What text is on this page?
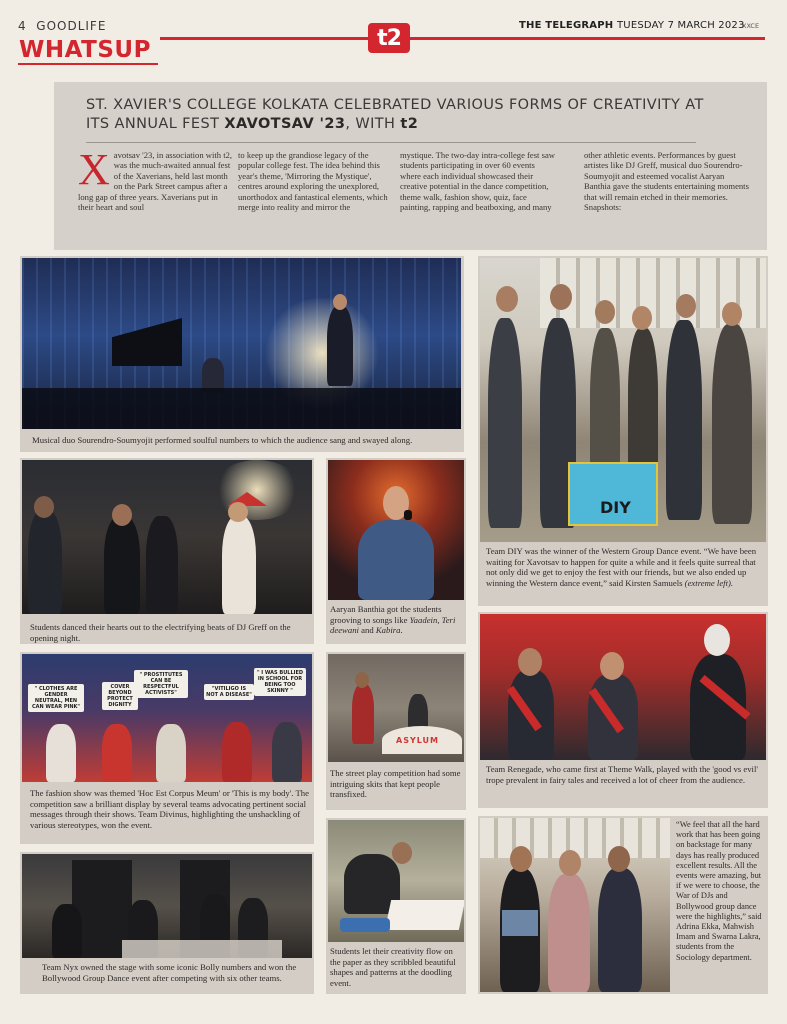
4 GOODLIFE
WHATSUP	t2	THE TELEGRAPH TUESDAY 7 MARCH 2023
XXCE
ST. XAVIER'S COLLEGE KOLKATA CELEBRATED VARIOUS FORMS OF CREATIVITY AT ITS ANNUAL FEST XAVOTSAV '23, WITH t2
Xavotsav '23, in association with t2, was the much-awaited annual fest of the Xaverians, held last month on the Park Street campus after a long gap of three years. Xaverians put in their heart and soul
to keep up the grandiose legacy of the popular college fest. The idea behind this year's theme, 'Mirroring the Mystique', centres around exploring the unexplored, unorthodox and fantastical elements, which merge into reality and mirror the
mystique. The two-day intra-college fest saw students participating in over 60 events where each individual showcased their creative potential in the dance competition, theme walk, fashion show, quiz, face painting, rapping and beatboxing, and many
other athletic events. Performances by guest artistes like DJ Greff, musical duo Sourendro-Soumyojit and esteemed vocalist Aaryan Banthia gave the students entertaining moments that will remain etched in their memories. Snapshots:
Musical duo Sourendro-Soumyojit performed soulful numbers to which the audience sang and swayed along.
DIY
Team DIY was the winner of the Western Group Dance event. “We have been waiting for Xavotsav to happen for quite a while and it feels quite surreal that not only did we get to enjoy the fest with our friends, but we also ended up winning the Western dance event,” said Kirsten Samuels (extreme left).
Students danced their hearts out to the electrifying beats of DJ Greff on the opening night.
Aaryan Banthia got the students grooving to songs like Yaadein, Teri deewani and Kabira.
Team Renegade, who came first at Theme Walk, played with the 'good vs evil' trope prevalent in fairy tales and received a lot of cheer from the audience.
" CLOTHES ARE GENDER NEUTRAL, MEN CAN WEAR PINK"
COVER BEYOND PROTECT DIGNITY
" PROSTITUTES CAN BE RESPECTFUL ACTIVISTS"
"VITILIGO IS NOT A DISEASE"
" I WAS BULLIED IN SCHOOL FOR BEING TOO SKINNY "
The fashion show was themed 'Hoc Est Corpus Meum' or 'This is my body'. The competition saw a brilliant display by several teams advocating pertinent social messages through their shows. Team Divinus, highlighting the unshackling of various stereotypes, won the event.
ASYLUM
The street play competition had some intriguing skits that kept people transfixed.
Team Nyx owned the stage with some iconic Bolly numbers and won the Bollywood Group Dance event after competing with six other teams.
Students let their creativity flow on the paper as they scribbled beautiful shapes and patterns at the doodling event.
“We feel that all the hard work that has been going on backstage for many days has really produced excellent results. All the events were amazing, but if we were to choose, the War of DJs and Bollywood group dance were the highlights,” said Adrina Ekka, Mahwish Imam and Swarna Lakra, students from the Sociology department.
